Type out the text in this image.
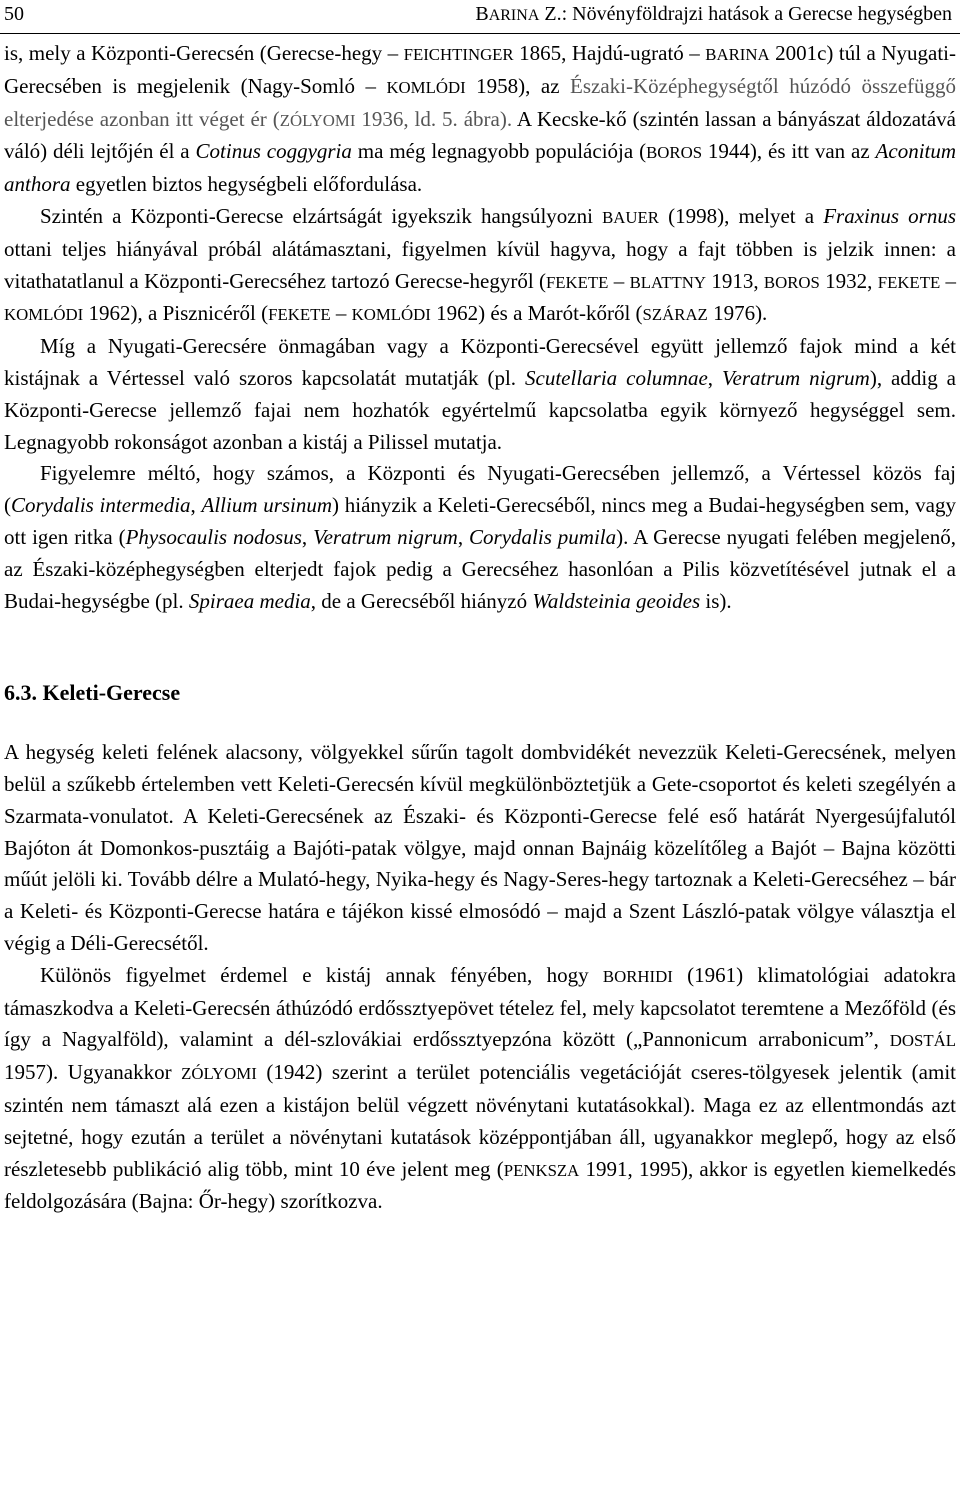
50	BARINA Z.: Növényföldrajzi hatások a Gerecse hegységben

is, mely a Központi-Gerecsén (Gerecse-hegy – FEICHTINGER 1865, Hajdú-ugrató – BARINA 2001c) túl a Nyugati-Gerecsében is megjelenik (Nagy-Somló – KOMLÓDI 1958), az Északi-Középhegységtől húzódó összefüggő elterjedése azonban itt véget ér (ZÓLYOMI 1936, ld. 5. ábra). A Kecske-kő (szintén lassan a bányászat áldozatává váló) déli lejtőjén él a Cotinus coggygria ma még legnagyobb populációja (BOROS 1944), és itt van az Aconitum anthora egyetlen biztos hegységbeli előfordulása.

Szintén a Központi-Gerecse elzártságát igyekszik hangsúlyozni BAUER (1998), melyet a Fraxinus ornus ottani teljes hiányával próbál alátámasztani, figyelmen kívül hagyva, hogy a fajt többen is jelzik innen: a vitathatatlanul a Központi-Gerecséhez tartozó Gerecse-hegyről (FEKETE – BLATTNY 1913, BOROS 1932, FEKETE – KOMLÓDI 1962), a Pisznicéről (FEKETE – KOMLÓDI 1962) és a Marót-kőről (SZÁRAZ 1976).

Míg a Nyugati-Gerecsére önmagában vagy a Központi-Gerecsével együtt jellemző fajok mind a két kistájnak a Vértessel való szoros kapcsolatát mutatják (pl. Scutellaria columnae, Veratrum nigrum), addig a Központi-Gerecse jellemző fajai nem hozhatók egyértelmű kapcsolatba egyik környező hegységgel sem. Legnagyobb rokonságot azonban a kistáj a Pilissel mutatja.

Figyelemre méltó, hogy számos, a Központi és Nyugati-Gerecsében jellemző, a Vértessel közös faj (Corydalis intermedia, Allium ursinum) hiányzik a Keleti-Gerecséből, nincs meg a Budai-hegységben sem, vagy ott igen ritka (Physocaulis nodosus, Veratrum nigrum, Corydalis pumila). A Gerecse nyugati felében megjelenő, az Északi-középhegységben elterjedt fajok pedig a Gerecséhez hasonlóan a Pilis közvetítésével jutnak el a Budai-hegységbe (pl. Spiraea media, de a Gerecséből hiányzó Waldsteinia geoides is).

6.3. Keleti-Gerecse

A hegység keleti felének alacsony, völgyekkel sűrűn tagolt dombvidékét nevezzük Keleti-Gerecsének, melyen belül a szűkebb értelemben vett Keleti-Gerecsén kívül megkülönböztetjük a Gete-csoportot és keleti szegélyén a Szarmata-vonulatot. A Keleti-Gerecsének az Északi- és Központi-Gerecse felé eső határát Nyergesújfalutól Bajóton át Domonkos-pusztáig a Bajóti-patak völgye, majd onnan Bajnáig közelítőleg a Bajót – Bajna közötti műút jelöli ki. Tovább délre a Mulató-hegy, Nyika-hegy és Nagy-Seres-hegy tartoznak a Keleti-Gerecséhez – bár a Keleti- és Központi-Gerecse határa e tájékon kissé elmosódó – majd a Szent László-patak völgye választja el végig a Déli-Gerecsétől.

Különös figyelmet érdemel e kistáj annak fényében, hogy BORHIDI (1961) klimatológiai adatokra támaszkodva a Keleti-Gerecsén áthúzódó erdőssztyepövet tételez fel, mely kapcsolatot teremtene a Mezőföld (és így a Nagyalföld), valamint a dél-szlovákiai erdőssztyepzóna között („Pannonicum arrabonicum”, DOSTÁL 1957). Ugyanakkor ZÓLYOMI (1942) szerint a terület potenciális vegetációját cseres-tölgyesek jelentik (amit szintén nem támaszt alá ezen a kistájon belül végzett növénytani kutatásokkal). Maga ez az ellentmondás azt sejtetné, hogy ezután a terület a növénytani kutatások középpontjában áll, ugyanakkor meglepő, hogy az első részletesebb publikáció alig több, mint 10 éve jelent meg (PENKSZA 1991, 1995), akkor is egyetlen kiemelkedés feldolgozására (Bajna: Őr-hegy) szorítkozva.
